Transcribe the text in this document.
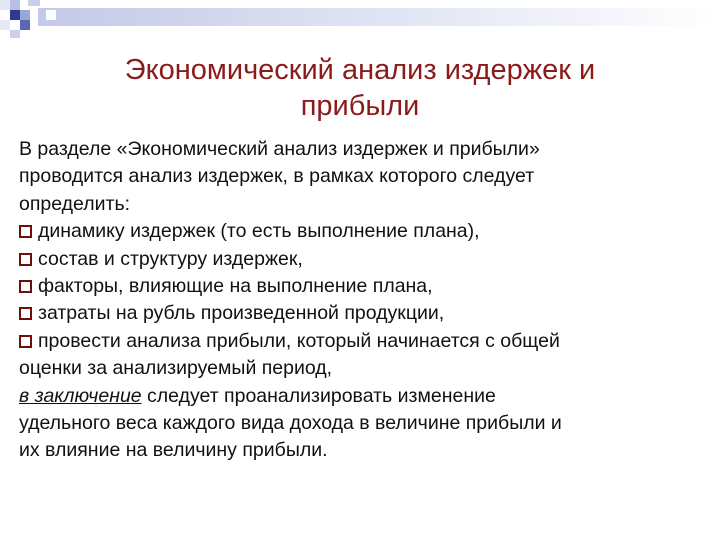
Экономический анализ издержек и
прибыли
В разделе «Экономический анализ издержек и прибыли»
проводится анализ издержек, в рамках которого следует
определить:
динамику издержек (то есть выполнение плана),
состав и структуру издержек,
факторы, влияющие на выполнение плана,
затраты на рубль произведенной продукции,
провести анализа прибыли, который начинается с общей
оценки за анализируемый период,
в заключение следует проанализировать изменение
удельного веса каждого вида дохода в величине прибыли и
их влияние на величину прибыли.
